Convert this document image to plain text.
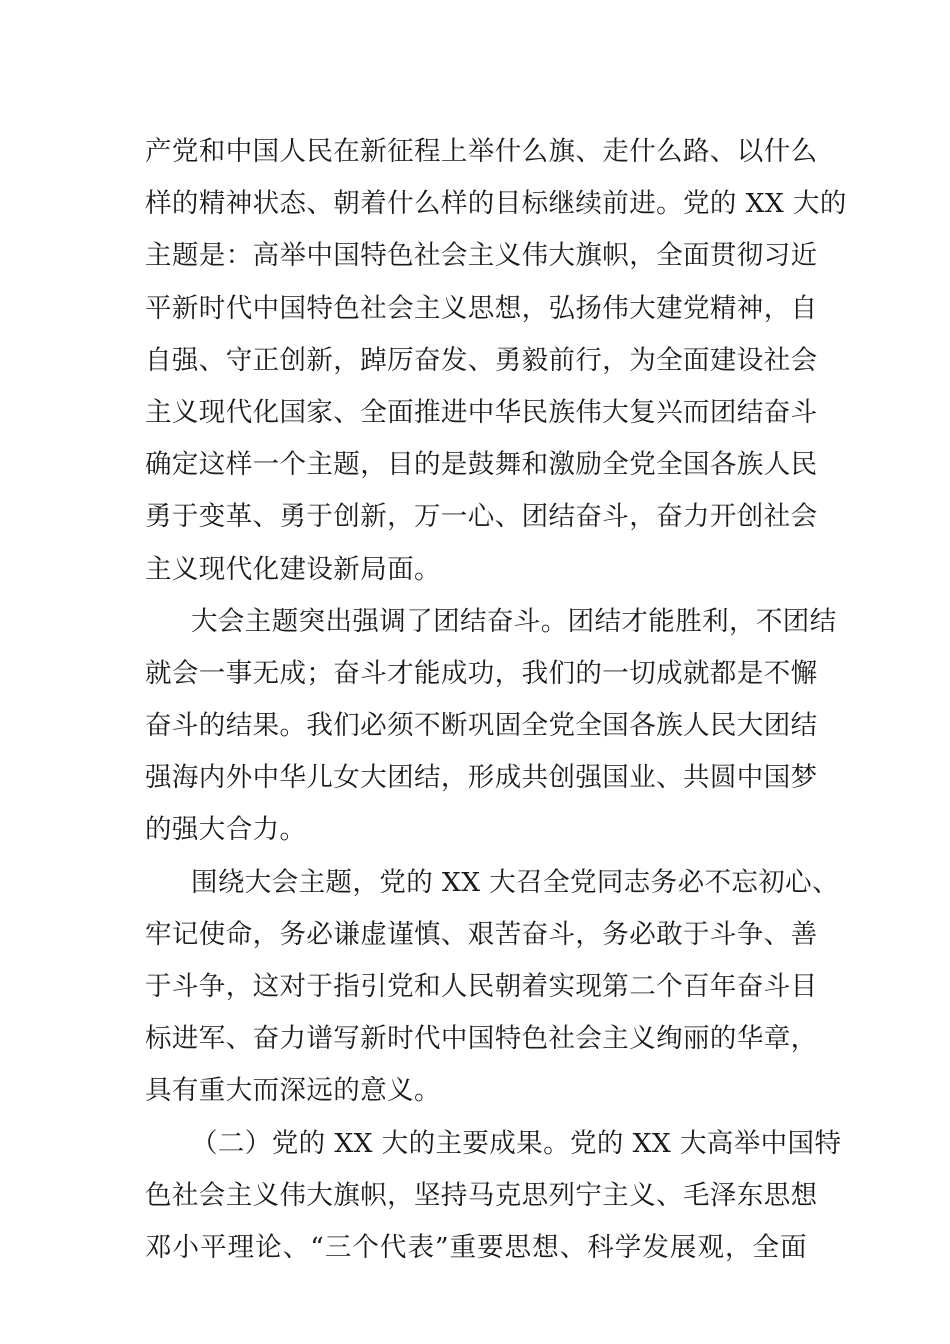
产党和中国人民在新征程上举什么旗、走什么路、以什么
样的精神状态、朝着什么样的目标继续前进。党的 XX 大的
主题是：高举中国特色社会主义伟大旗帜，全面贯彻习近
平新时代中国特色社会主义思想，弘扬伟大建党精神，自
自强、守正创新，踔厉奋发、勇毅前行，为全面建设社会
主义现代化国家、全面推进中华民族伟大复兴而团结奋斗
确定这样一个主题，目的是鼓舞和激励全党全国各族人民
勇于变革、勇于创新，万一心、团结奋斗，奋力开创社会
主义现代化建设新局面。
大会主题突出强调了团结奋斗。团结才能胜利，不团结
就会一事无成；奋斗才能成功，我们的一切成就都是不懈
奋斗的结果。我们必须不断巩固全党全国各族人民大团结
强海内外中华儿女大团结，形成共创强国业、共圆中国梦
的强大合力。
围绕大会主题，党的 XX 大召全党同志务必不忘初心、
牢记使命，务必谦虚谨慎、艰苦奋斗，务必敢于斗争、善
于斗争，这对于指引党和人民朝着实现第二个百年奋斗目
标进军、奋力谱写新时代中国特色社会主义绚丽的华章，
具有重大而深远的意义。
（二）党的 XX 大的主要成果。党的 XX 大高举中国特
色社会主义伟大旗帜，坚持马克思列宁主义、毛泽东思想
邓小平理论、“三个代表”重要思想、科学发展观，全面
